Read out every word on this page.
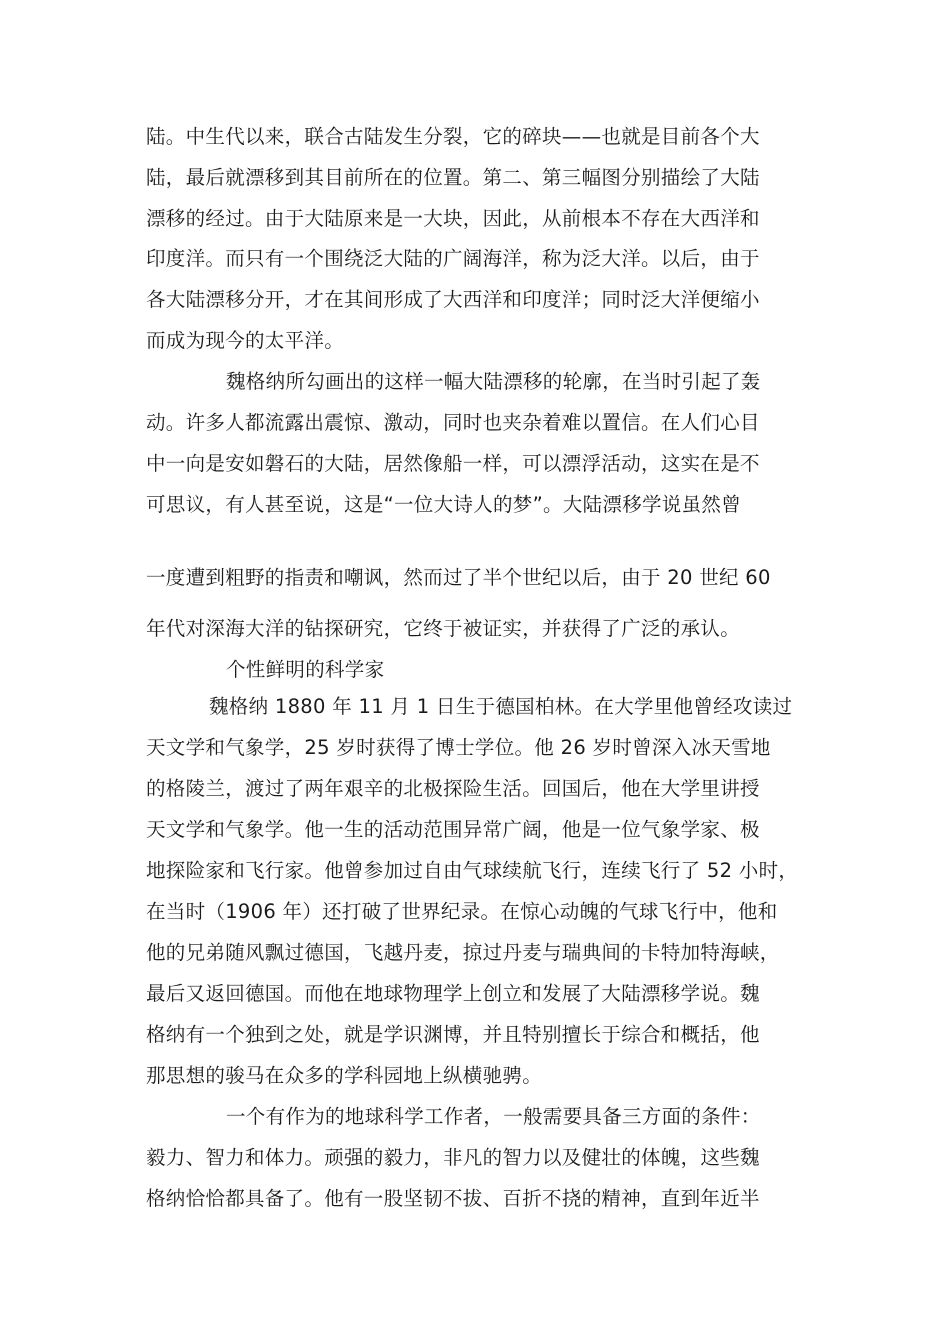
陆。中生代以来，联合古陆发生分裂，它的碎块——也就是目前各个大
陆，最后就漂移到其目前所在的位置。第二、第三幅图分别描绘了大陆
漂移的经过。由于大陆原来是一大块，因此，从前根本不存在大西洋和
印度洋。而只有一个围绕泛大陆的广阔海洋，称为泛大洋。以后，由于
各大陆漂移分开，才在其间形成了大西洋和印度洋；同时泛大洋便缩小
而成为现今的太平洋。
魏格纳所勾画出的这样一幅大陆漂移的轮廓，在当时引起了轰
动。许多人都流露出震惊、激动，同时也夹杂着难以置信。在人们心目
中一向是安如磐石的大陆，居然像船一样，可以漂浮活动，这实在是不
可思议，有人甚至说，这是“一位大诗人的梦”。大陆漂移学说虽然曾
一度遭到粗野的指责和嘲讽，然而过了半个世纪以后，由于 20 世纪 60
年代对深海大洋的钻探研究，它终于被证实，并获得了广泛的承认。
个性鲜明的科学家
魏格纳 1880 年 11 月 1 日生于德国柏林。在大学里他曾经攻读过
天文学和气象学，25 岁时获得了博士学位。他 26 岁时曾深入冰天雪地
的格陵兰，渡过了两年艰辛的北极探险生活。回国后，他在大学里讲授
天文学和气象学。他一生的活动范围异常广阔，他是一位气象学家、极
地探险家和飞行家。他曾参加过自由气球续航飞行，连续飞行了 52 小时，
在当时（1906 年）还打破了世界纪录。在惊心动魄的气球飞行中，他和
他的兄弟随风飘过德国，飞越丹麦，掠过丹麦与瑞典间的卡特加特海峡，
最后又返回德国。而他在地球物理学上创立和发展了大陆漂移学说。魏
格纳有一个独到之处，就是学识渊博，并且特别擅长于综合和概括，他
那思想的骏马在众多的学科园地上纵横驰骋。
一个有作为的地球科学工作者，一般需要具备三方面的条件：
毅力、智力和体力。顽强的毅力，非凡的智力以及健壮的体魄，这些魏
格纳恰恰都具备了。他有一股坚韧不拔、百折不挠的精神，直到年近半
